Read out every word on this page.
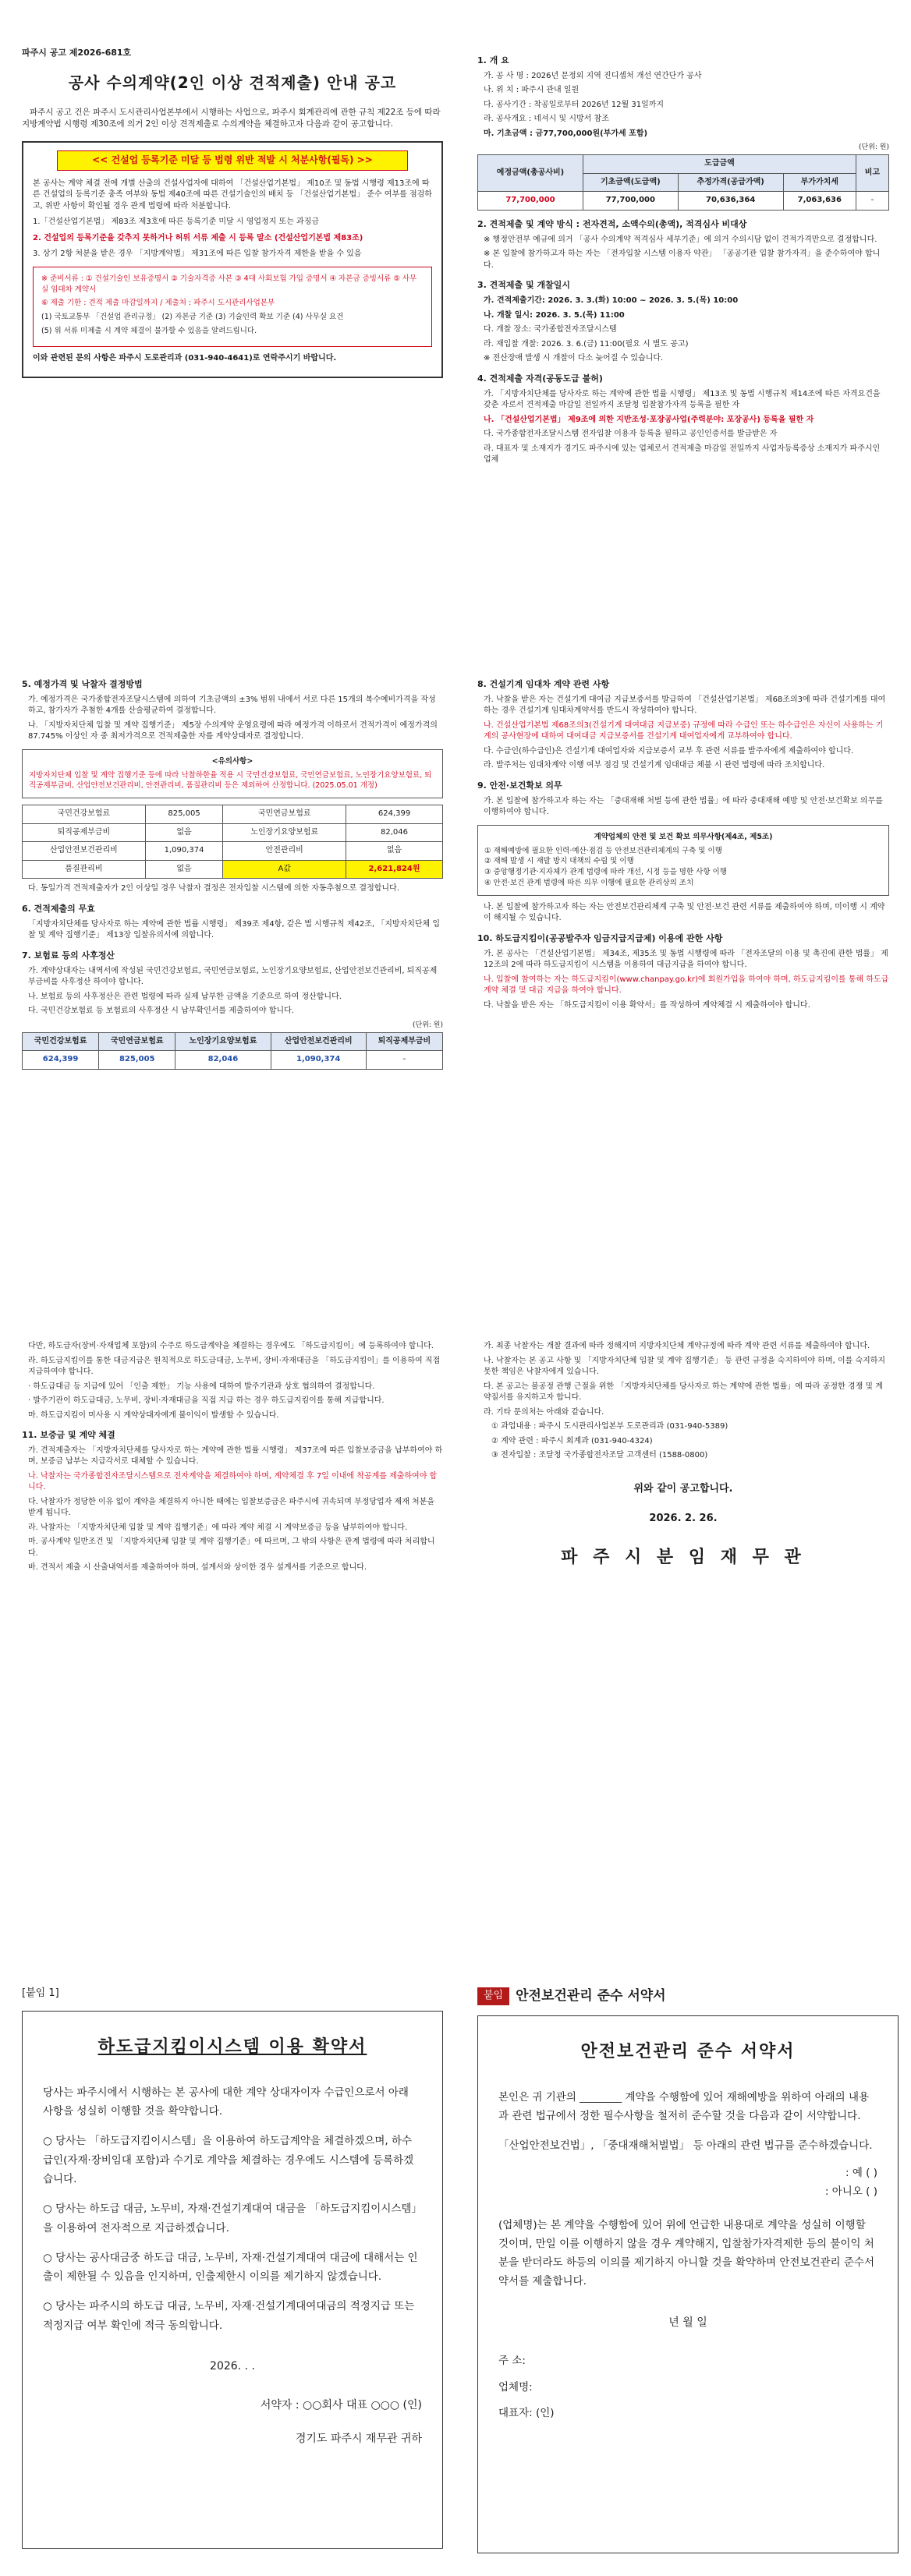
파주시 공고 제2026-681호
공사 수의계약(2인 이상 견적제출) 안내 공고
파주시 공고 건은 파주시 도시관리사업본부에서 시행하는 사업으로, 파주시 회계관리에 관한 규칙 제22조 등에 따라 지방계약법 시행령 제30조에 의거 2인 이상 견적제출로 수의계약을 체결하고자 다음과 같이 공고합니다.
<< 건설업 등록기준 미달 등 법령 위반 적발 시 처분사항(필독) >>

본 공사는 계약 체결 전에 개별 산출의 건설사업자에 대하여 「건설산업기본법」 제10조 및 동법 시행령 제13조에 따른 건설업의 등록기준 충족 여부와 동법 제40조에 따른 건설기술인의 배치 등 「건설산업기본법」 준수 여부를 점검하고, 위반 사항이 확인될 경우 관계 법령에 따라 처분합니다.

1.「건설산업기본법」 제83조 제3호에 따른 등록기준 미달 시 영업정지 또는 과징금

2. 건설업의 등록기준을 갖추지 못하거나 허위 서류 제출 시 등록 말소 (건설산업기본법 제83조)

3. 상기 2항 처분을 받은 경우 「지방계약법」 제31조에 따른 입찰 참가자격 제한을 받을 수 있음

※ 준비서류 : ① 건설기술인 보유증명서 ② 기술자격증 사본 ③ 4대 사회보험 가입 증명서 ④ 자본금 증빙서류 ⑤ 사무실 임대차 계약서

⑥ 제출 기한 : 견적 제출 마감일까지 / 제출처 : 파주시 도시관리사업본부

(1) 국토교통부 「건설업 관리규정」 (2) 자본금 기준 (3) 기술인력 확보 기준 (4) 사무실 요건

(5) 위 서류 미제출 시 계약 체결이 불가할 수 있음을 알려드립니다.

이와 관련된 문의 사항은 파주시 도로관리과 (031-940-4641)로 연락주시기 바랍니다.

1. 개 요
가. 공 사 명 : 2026년 문정외 지역 진디셉처 개선 연간단가 공사
나. 위 치 : 파주시 관내 일원
다. 공사기간 : 착공일로부터 2026년 12월 31일까지
라. 공사개요 : 네셔시 및 시방서 참조
마. 기초금액 : 금77,700,000원(부가세 포함)
(단위: 원)
예정금액(총공사비)	도급금액			비고
	기초금액(도급액)	추정가격(공급가액)	부가가치세	
77,700,000	77,700,000	70,636,364	7,063,636	-
2. 견적제출 및 계약 방식 : 전자견적, 소액수의(총액), 적격심사 비대상
※ 행정안전부 예규에 의거 「공사 수의계약 적격심사 세부기준」에 의거 수의시담 없이 견적가격만으로 결정합니다.
※ 본 입찰에 참가하고자 하는 자는 「전자입찰 시스템 이용자 약관」 「공공기관 입찰 참가자격」을 준수하여야 합니다.
3. 견적제출 및 개찰일시
가. 견적제출기간: 2026. 3. 3.(화) 10:00 ~ 2026. 3. 5.(목) 10:00
나. 개찰 일시: 2026. 3. 5.(목) 11:00
다. 개찰 장소: 국가종합전자조달시스템
라. 재입찰 개찰: 2026. 3. 6.(금) 11:00(필요 시 별도 공고)
※ 전산장애 발생 시 개찰이 다소 늦어질 수 있습니다.
4. 견적제출 자격(공동도급 불허)
가. 「지방자치단체를 당사자로 하는 계약에 관한 법률 시행령」 제13조 및 동법 시행규칙 제14조에 따른 자격요건을 갖춘 자로서 견적제출 마감일 전일까지 조달청 입찰참가자격 등록을 필한 자
나. 「건설산업기본법」 제9조에 의한 지반조성·포장공사업(주력분야: 포장공사) 등록을 필한 자
다. 국가종합전자조달시스템 전자입찰 이용자 등록을 필하고 공인인증서를 발급받은 자
라. 대표자 및 소재지가 경기도 파주시에 있는 업체로서 견적제출 마감일 전일까지 사업자등록증상 소재지가 파주시인 업체
5. 예정가격 및 낙찰자 결정방법
가. 예정가격은 국가종합전자조달시스템에 의하여 기초금액의 ±3% 범위 내에서 서로 다른 15개의 복수예비가격을 작성하고, 참가자가 추첨한 4개를 산술평균하여 결정합니다.
나. 「지방자치단체 입찰 및 계약 집행기준」 제5장 수의계약 운영요령에 따라 예정가격 이하로서 견적가격이 예정가격의 87.745% 이상인 자 중 최저가격으로 견적제출한 자를 계약상대자로 결정합니다.
<유의사항>
지방자치단체 입찰 및 계약 집행기준 등에 따라 낙찰하한율 적용 시 국민건강보험료, 국민연금보험료, 노인장기요양보험료, 퇴직공제부금비, 산업안전보건관리비, 안전관리비, 품질관리비 등은 제외하여 산정합니다. (2025.05.01 개정)
국민건강보험료	825,005	국민연금보험료	624,399
퇴직공제부금비	없음	노인장기요양보험료	82,046
산업안전보건관리비	1,090,374	안전관리비	없음
품질관리비	없음	A값	2,621,824원
다. 동일가격 견적제출자가 2인 이상일 경우 낙찰자 결정은 전자입찰 시스템에 의한 자동추첨으로 결정합니다.
6. 견적제출의 무효
「지방자치단체를 당사자로 하는 계약에 관한 법률 시행령」 제39조 제4항, 같은 법 시행규칙 제42조, 「지방자치단체 입찰 및 계약 집행기준」 제13장 입찰유의서에 의합니다.
7. 보험료 등의 사후정산
가. 계약상대자는 내역서에 작성된 국민건강보험료, 국민연금보험료, 노인장기요양보험료, 산업안전보건관리비, 퇴직공제부금비를 사후정산 하여야 합니다.
나. 보험료 등의 사후정산은 관련 법령에 따라 실제 납부한 금액을 기준으로 하여 정산합니다.
다. 국민건강보험료 등 보험료의 사후정산 시 납부확인서를 제출하여야 합니다.
(단위: 원)
국민건강보험료	국민연금보험료	노인장기요양보험료	산업안전보건관리비	퇴직공제부금비
624,399	825,005	82,046	1,090,374	-
8. 건설기계 임대차 계약 관련 사항
가. 낙찰을 받은 자는 건설기계 대여금 지급보증서를 발급하여 「건설산업기본법」 제68조의3에 따라 건설기계를 대여하는 경우 건설기계 임대차계약서를 반드시 작성하여야 합니다.
나. 건설산업기본법 제68조의3(건설기계 대여대금 지급보증) 규정에 따라 수급인 또는 하수급인은 자신이 사용하는 기계의 공사현장에 대하여 대여대금 지급보증서를 건설기계 대여업자에게 교부하여야 합니다.
다. 수급인(하수급인)은 건설기계 대여업자와 지급보증서 교부 후 관련 서류를 발주자에게 제출하여야 합니다.
라. 발주처는 임대차계약 이행 여부 점검 및 건설기계 임대대금 체불 시 관련 법령에 따라 조치합니다.
9. 안전·보건확보 의무
가. 본 입찰에 참가하고자 하는 자는 「중대재해 처벌 등에 관한 법률」에 따라 중대재해 예방 및 안전·보건확보 의무를 이행하여야 합니다.
계약업체의 안전 및 보건 확보 의무사항(제4조, 제5조)
① 재해예방에 필요한 인력·예산·점검 등 안전보건관리체계의 구축 및 이행
② 재해 발생 시 재발 방지 대책의 수립 및 이행
③ 중앙행정기관·지자체가 관계 법령에 따라 개선, 시정 등을 명한 사항 이행
④ 안전·보건 관계 법령에 따른 의무 이행에 필요한 관리상의 조치
나. 본 입찰에 참가하고자 하는 자는 안전보건관리체계 구축 및 안전·보건 관련 서류를 제출하여야 하며, 미이행 시 계약이 해지될 수 있습니다.
10. 하도급지킴이(공공발주자 임금지급지급제) 이용에 관한 사항
가. 본 공사는 「건설산업기본법」 제34조, 제35조 및 동법 시행령에 따라 「전자조달의 이용 및 촉진에 관한 법률」 제12조의 2에 따라 하도급지킴이 시스템을 이용하여 대금지급을 하여야 합니다.
나. 입찰에 참여하는 자는 하도급지킴이(www.chanpay.go.kr)에 회원가입을 하여야 하며, 하도급지킴이를 통해 하도급계약 체결 및 대금 지급을 하여야 합니다.
다. 낙찰을 받은 자는 「하도급지킴이 이용 확약서」를 작성하여 계약체결 시 제출하여야 합니다.
다만, 하도급자(장비·자재업체 포함)의 수주로 하도급계약을 체결하는 경우에도 「하도급지킴이」에 등록하여야 합니다.
라. 하도급지킴이를 통한 대금지급은 원칙적으로 하도급대금, 노무비, 장비·자재대금을 「하도급지킴이」를 이용하여 직접 지급하여야 합니다.
· 하도급대금 등 지급에 있어 「인출 제한」 기능 사용에 대하여 발주기관과 상호 협의하여 결정합니다.
· 발주기관이 하도급대금, 노무비, 장비·자재대금을 직접 지급 하는 경우 하도급지킴이를 통해 지급합니다.
마. 하도급지킴이 미사용 시 계약상대자에게 불이익이 발생할 수 있습니다.
11. 보증금 및 계약 체결
가. 견적제출자는 「지방자치단체를 당사자로 하는 계약에 관한 법률 시행령」 제37조에 따른 입찰보증금을 납부하여야 하며, 보증금 납부는 지급각서로 대체할 수 있습니다.
나. 낙찰자는 국가종합전자조달시스템으로 전자계약을 체결하여야 하며, 계약체결 후 7일 이내에 착공계를 제출하여야 합니다.
다. 낙찰자가 정당한 이유 없이 계약을 체결하지 아니한 때에는 입찰보증금은 파주시에 귀속되며 부정당업자 제재 처분을 받게 됩니다.
라. 낙찰자는 「지방자치단체 입찰 및 계약 집행기준」에 따라 계약 체결 시 계약보증금 등을 납부하여야 합니다.
마. 공사계약 일반조건 및 「지방자치단체 입찰 및 계약 집행기준」에 따르며, 그 밖의 사항은 관계 법령에 따라 처리합니다.
바. 견적서 제출 시 산출내역서를 제출하여야 하며, 설계서와 상이한 경우 설계서를 기준으로 합니다.
가. 최종 낙찰자는 개찰 결과에 따라 정해지며 지방자치단체 계약규정에 따라 계약 관련 서류를 제출하여야 합니다.
나. 낙찰자는 본 공고 사항 및 「지방자치단체 입찰 및 계약 집행기준」 등 관련 규정을 숙지하여야 하며, 이를 숙지하지 못한 책임은 낙찰자에게 있습니다.
다. 본 공고는 불공정 관행 근절을 위한 「지방자치단체를 당사자로 하는 계약에 관한 법률」에 따라 공정한 경쟁 및 계약질서를 유지하고자 합니다.
라. 기타 문의처는 아래와 같습니다.
① 과업내용 : 파주시 도시관리사업본부 도로관리과 (031-940-5389)
② 계약 관련 : 파주시 회계과 (031-940-4324)
③ 전자입찰 : 조달청 국가종합전자조달 고객센터 (1588-0800)
위와 같이 공고합니다.
2026. 2. 26.
파 주 시 분 임 재 무 관
[붙임 1]
하도급지킴이시스템 이용 확약서

당사는 파주시에서 시행하는 본 공사에 대한 계약 상대자이자 수급인으로서 아래 사항을 성실히 이행할 것을 확약합니다.

○ 당사는 「하도급지킴이시스템」을 이용하여 하도급계약을 체결하겠으며, 하수급인(자재·장비임대 포함)과 수기로 계약을 체결하는 경우에도 시스템에 등록하겠습니다.

○ 당사는 하도급 대금, 노무비, 자재·건설기계대여 대금을 「하도급지킴이시스템」을 이용하여 전자적으로 지급하겠습니다.

○ 당사는 공사대금중 하도급 대금, 노무비, 자재·건설기계대여 대금에 대해서는 인출이 제한될 수 있음을 인지하며, 인출제한시 이의를 제기하지 않겠습니다.

○ 당사는 파주시의 하도급 대금, 노무비, 자재·건설기계대여대금의 적정지급 또는 적정지급 여부 확인에 적극 동의합니다.

2026. . .
서약자 : ○○회사 대표 ○○○ (인)
경기도 파주시 재무관 귀하
붙임 안전보건관리 준수 서약서
안전보건관리 준수 서약서

본인은 귀 기관의 ________ 계약을 수행함에 있어 재해예방을 위하여 아래의 내용과 관련 법규에서 정한 필수사항을 철저히 준수할 것을 다음과 같이 서약합니다.

「산업안전보건법」, 「중대재해처벌법」 등 아래의 관련 법규를 준수하겠습니다.

: 예 ( )
: 아니오 ( )

(업체명)는 본 계약을 수행함에 있어 위에 언급한 내용대로 계약을 성실히 이행할 것이며, 만일 이를 이행하지 않을 경우 계약해지, 입찰참가자격제한 등의 불이익 처분을 받더라도 하등의 이의를 제기하지 아니할 것을 확약하며 안전보건관리 준수서약서를 제출합니다.

년 월 일
주 소:
업체명:
대표자: (인)
